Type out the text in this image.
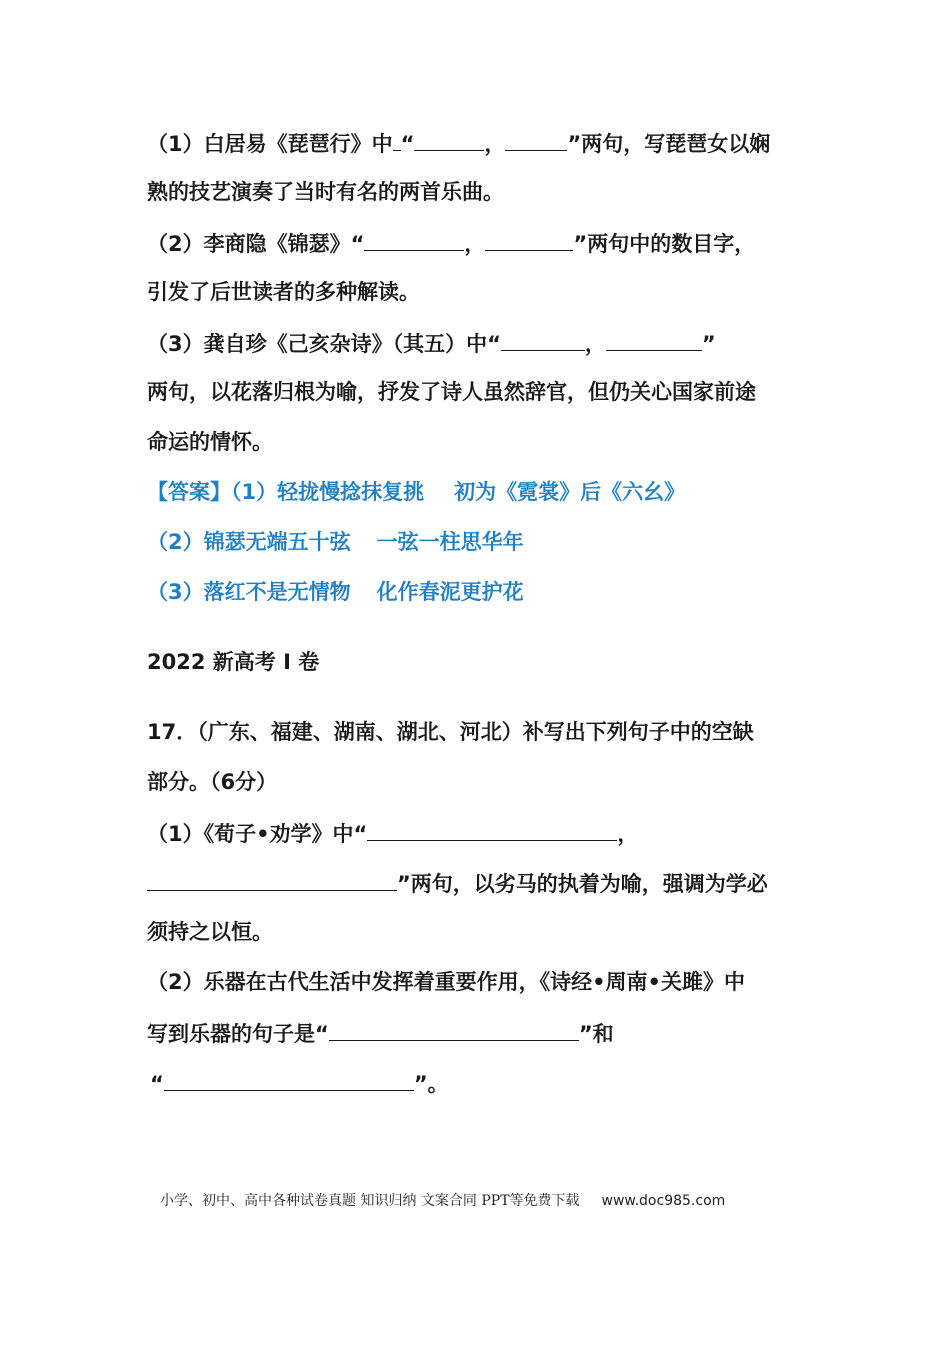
（1）白居易《琵琶行》中 “	，	”两句，写琵琶女以娴
熟的技艺演奏了当时有名的两首乐曲。
（2）李商隐《锦瑟》“	，	”两句中的数目字，
引发了后世读者的多种解读。
（3）龚自珍《己亥杂诗》（其五）中“	，	”
两句，以花落归根为喻，抒发了诗人虽然辞官，但仍关心国家前途
命运的情怀。
【答案】（1）轻拢慢捻抹复挑 初为《霓裳》后《六幺》
（2）锦瑟无端五十弦 一弦一柱思华年
（3）落红不是无情物 化作春泥更护花
2022 新高考 I 卷
17．（广东、福建、湖南、湖北、河北）补写出下列句子中的空缺
部分。（6分）
（1）《荀子•劝学》中“	，
”两句，以劣马的执着为喻，强调为学必
须持之以恒。
（2）乐器在古代生活中发挥着重要作用，《诗经•周南•关雎》中
写到乐器的句子是“	”和
“	”。
小学、初中、高中各种试卷真题 知识归纳 文案合同 PPT等免费下载 www.doc985.com
